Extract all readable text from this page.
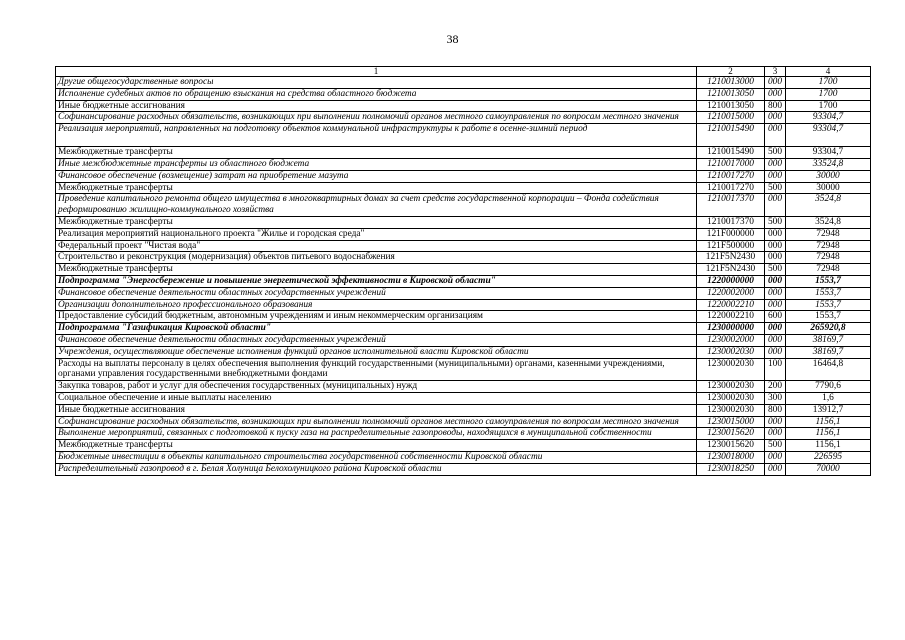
38
1	2	3	4
Другие общегосударственные вопросы	1210013000	000	1700
Исполнение судебных актов по обращению взыскания на средства областного бюджета	1210013050	000	1700
Иные бюджетные ассигнования	1210013050	800	1700
Софинансирование расходных обязательств, возникающих при выполнении полномочий органов местного самоуправления по вопросам местного значения	1210015000	000	93304,7
Реализация мероприятий, направленных на подготовку объектов коммунальной инфраструктуры к работе в осенне-зимний период	1210015490	000	93304,7
Межбюджетные трансферты	1210015490	500	93304,7
Иные межбюджетные трансферты из областного бюджета	1210017000	000	33524,8
Финансовое обеспечение (возмещение) затрат на приобретение мазута	1210017270	000	30000
Межбюджетные трансферты	1210017270	500	30000
Проведение капитального ремонта общего имущества в многоквартирных домах за счет средств государственной корпорации – Фонда содействия реформированию жилищно-коммунального хозяйства	1210017370	000	3524,8
Межбюджетные трансферты	1210017370	500	3524,8
Реализация мероприятий национального проекта "Жилье и городская среда"	121F000000	000	72948
Федеральный проект "Чистая вода"	121F500000	000	72948
Строительство и реконструкция (модернизация) объектов питьевого водоснабжения	121F5N2430	000	72948
Межбюджетные трансферты	121F5N2430	500	72948
Подпрограмма "Энергосбережение и повышение энергетической эффективности в Кировской области"	1220000000	000	1553,7
Финансовое обеспечение деятельности областных государственных учреждений	1220002000	000	1553,7
Организации дополнительного профессионального образования	1220002210	000	1553,7
Предоставление субсидий бюджетным, автономным учреждениям и иным некоммерческим организациям	1220002210	600	1553,7
Подпрограмма "Газификация Кировской области"	1230000000	000	265920,8
Финансовое обеспечение деятельности областных государственных учреждений	1230002000	000	38169,7
Учреждения, осуществляющие обеспечение исполнения функций органов исполнительной власти Кировской области	1230002030	000	38169,7
Расходы на выплаты персоналу в целях обеспечения выполнения функций государственными (муниципальными) органами, казенными учреждениями, органами управления государственными внебюджетными фондами	1230002030	100	16464,8
Закупка товаров, работ и услуг для обеспечения государственных (муниципальных) нужд	1230002030	200	7790,6
Социальное обеспечение и иные выплаты населению	1230002030	300	1,6
Иные бюджетные ассигнования	1230002030	800	13912,7
Софинансирование расходных обязательств, возникающих при выполнении полномочий органов местного самоуправления по вопросам местного значения	1230015000	000	1156,1
Выполнение мероприятий, связанных с подготовкой к пуску газа на распределительные газопроводы, находящихся в муниципальной собственности	1230015620	000	1156,1
Межбюджетные трансферты	1230015620	500	1156,1
Бюджетные инвестиции в объекты капитального строительства государственной собственности Кировской области	1230018000	000	226595
Распределительный газопровод в г. Белая Холуница Белохолуницкого района Кировской области	1230018250	000	70000
